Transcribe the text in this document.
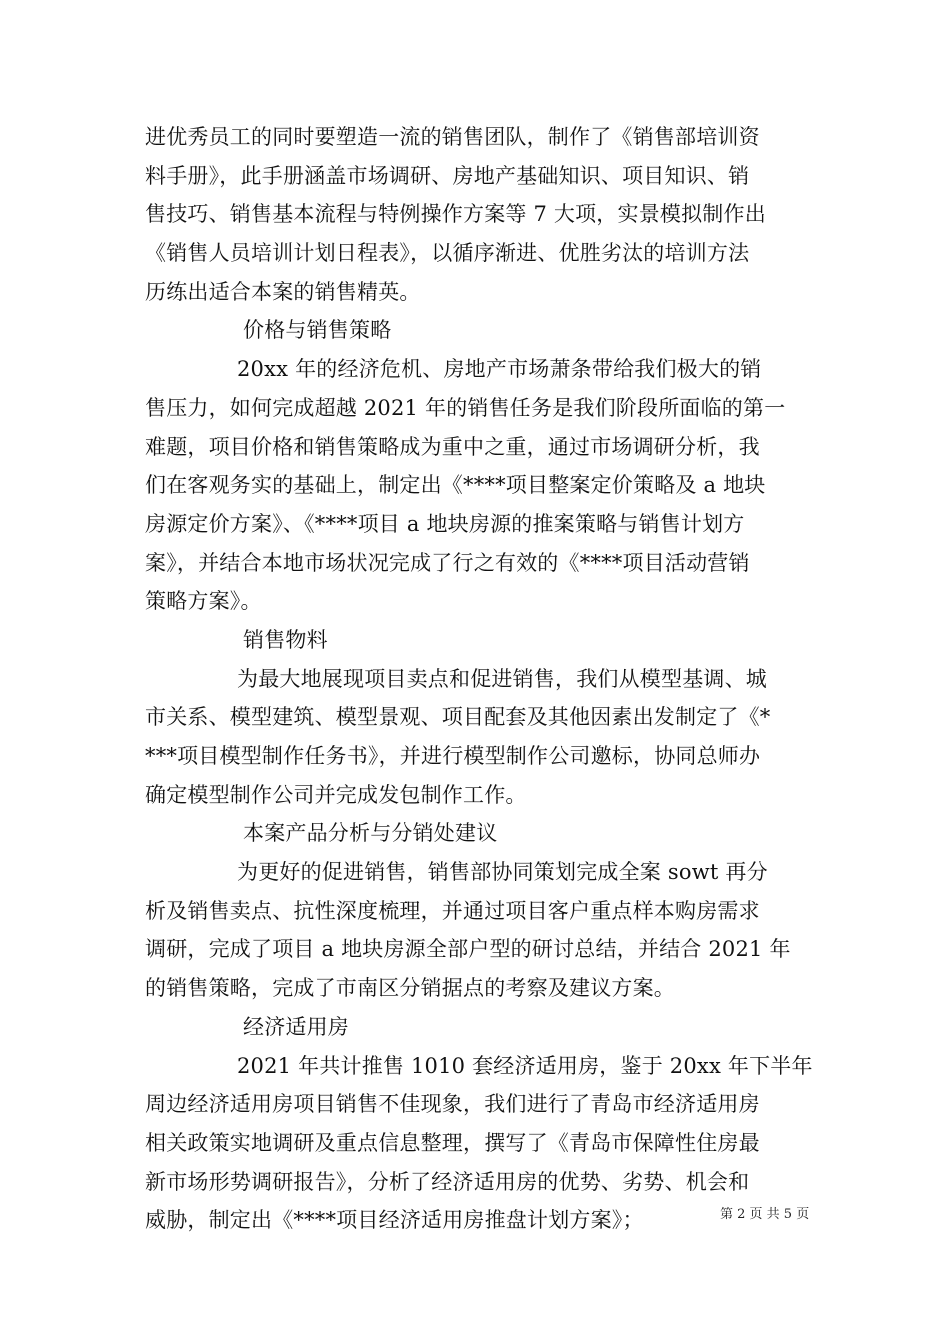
进优秀员工的同时要塑造一流的销售团队，制作了《销售部培训资
料手册》，此手册涵盖市场调研、房地产基础知识、项目知识、销
售技巧、销售基本流程与特例操作方案等 7 大项，实景模拟制作出
《销售人员培训计划日程表》，以循序渐进、优胜劣汰的培训方法
历练出适合本案的销售精英。
价格与销售策略
20xx 年的经济危机、房地产市场萧条带给我们极大的销
售压力，如何完成超越 2021 年的销售任务是我们阶段所面临的第一
难题，项目价格和销售策略成为重中之重，通过市场调研分析，我
们在客观务实的基础上，制定出《****项目整案定价策略及 a 地块
房源定价方案》、《****项目 a 地块房源的推案策略与销售计划方
案》，并结合本地市场状况完成了行之有效的《****项目活动营销
策略方案》。
销售物料
为最大地展现项目卖点和促进销售，我们从模型基调、城
市关系、模型建筑、模型景观、项目配套及其他因素出发制定了《*
***项目模型制作任务书》，并进行模型制作公司邀标，协同总师办
确定模型制作公司并完成发包制作工作。
本案产品分析与分销处建议
为更好的促进销售，销售部协同策划完成全案 sowt 再分
析及销售卖点、抗性深度梳理，并通过项目客户重点样本购房需求
调研，完成了项目 a 地块房源全部户型的研讨总结，并结合 2021 年
的销售策略，完成了市南区分销据点的考察及建议方案。
经济适用房
2021 年共计推售 1010 套经济适用房，鉴于 20xx 年下半年
周边经济适用房项目销售不佳现象，我们进行了青岛市经济适用房
相关政策实地调研及重点信息整理，撰写了《青岛市保障性住房最
新市场形势调研报告》，分析了经济适用房的优势、劣势、机会和
威胁，制定出《****项目经济适用房推盘计划方案》；	第 2 页 共 5 页
